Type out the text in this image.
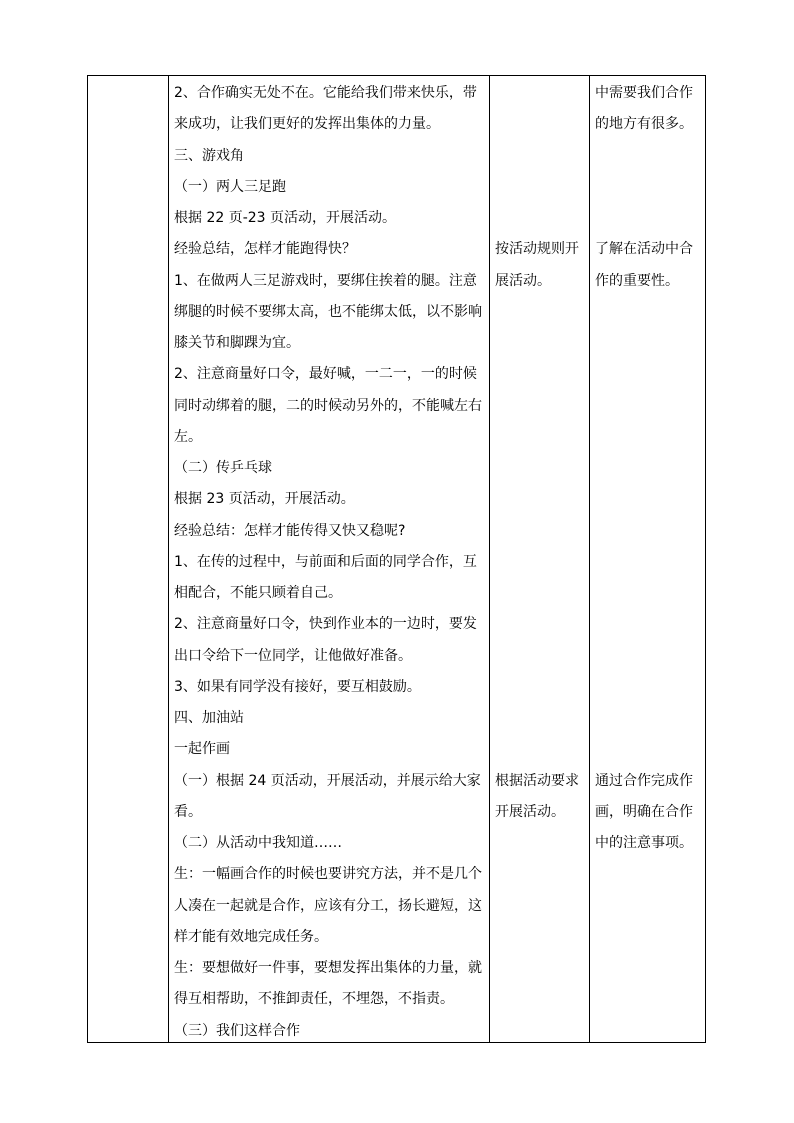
2、合作确实无处不在。它能给我们带来快乐，带
来成功，让我们更好的发挥出集体的力量。
三、游戏角
（一）两人三足跑
根据 22 页-23 页活动，开展活动。
经验总结，怎样才能跑得快？
1、在做两人三足游戏时，要绑住挨着的腿。注意
绑腿的时候不要绑太高，也不能绑太低，以不影响
膝关节和脚踝为宜。
2、注意商量好口令，最好喊，一二一，一的时候
同时动绑着的腿，二的时候动另外的，不能喊左右
左。
（二）传乒乓球
根据 23 页活动，开展活动。
经验总结：怎样才能传得又快又稳呢?
1、在传的过程中，与前面和后面的同学合作，互
相配合，不能只顾着自己。
2、注意商量好口令，快到作业本的一边时，要发
出口令给下一位同学，让他做好准备。
3、如果有同学没有接好，要互相鼓励。
四、加油站
一起作画
（一）根据 24 页活动，开展活动，并展示给大家
看。
（二）从活动中我知道……
生：一幅画合作的时候也要讲究方法，并不是几个
人凑在一起就是合作，应该有分工，扬长避短，这
样才能有效地完成任务。
生：要想做好一件事，要想发挥出集体的力量，就
得互相帮助，不推卸责任，不埋怨，不指责。
（三）我们这样合作
按活动规则开
展活动。
根据活动要求
开展活动。
中需要我们合作
的地方有很多。
了解在活动中合
作的重要性。
通过合作完成作
画，明确在合作
中的注意事项。
